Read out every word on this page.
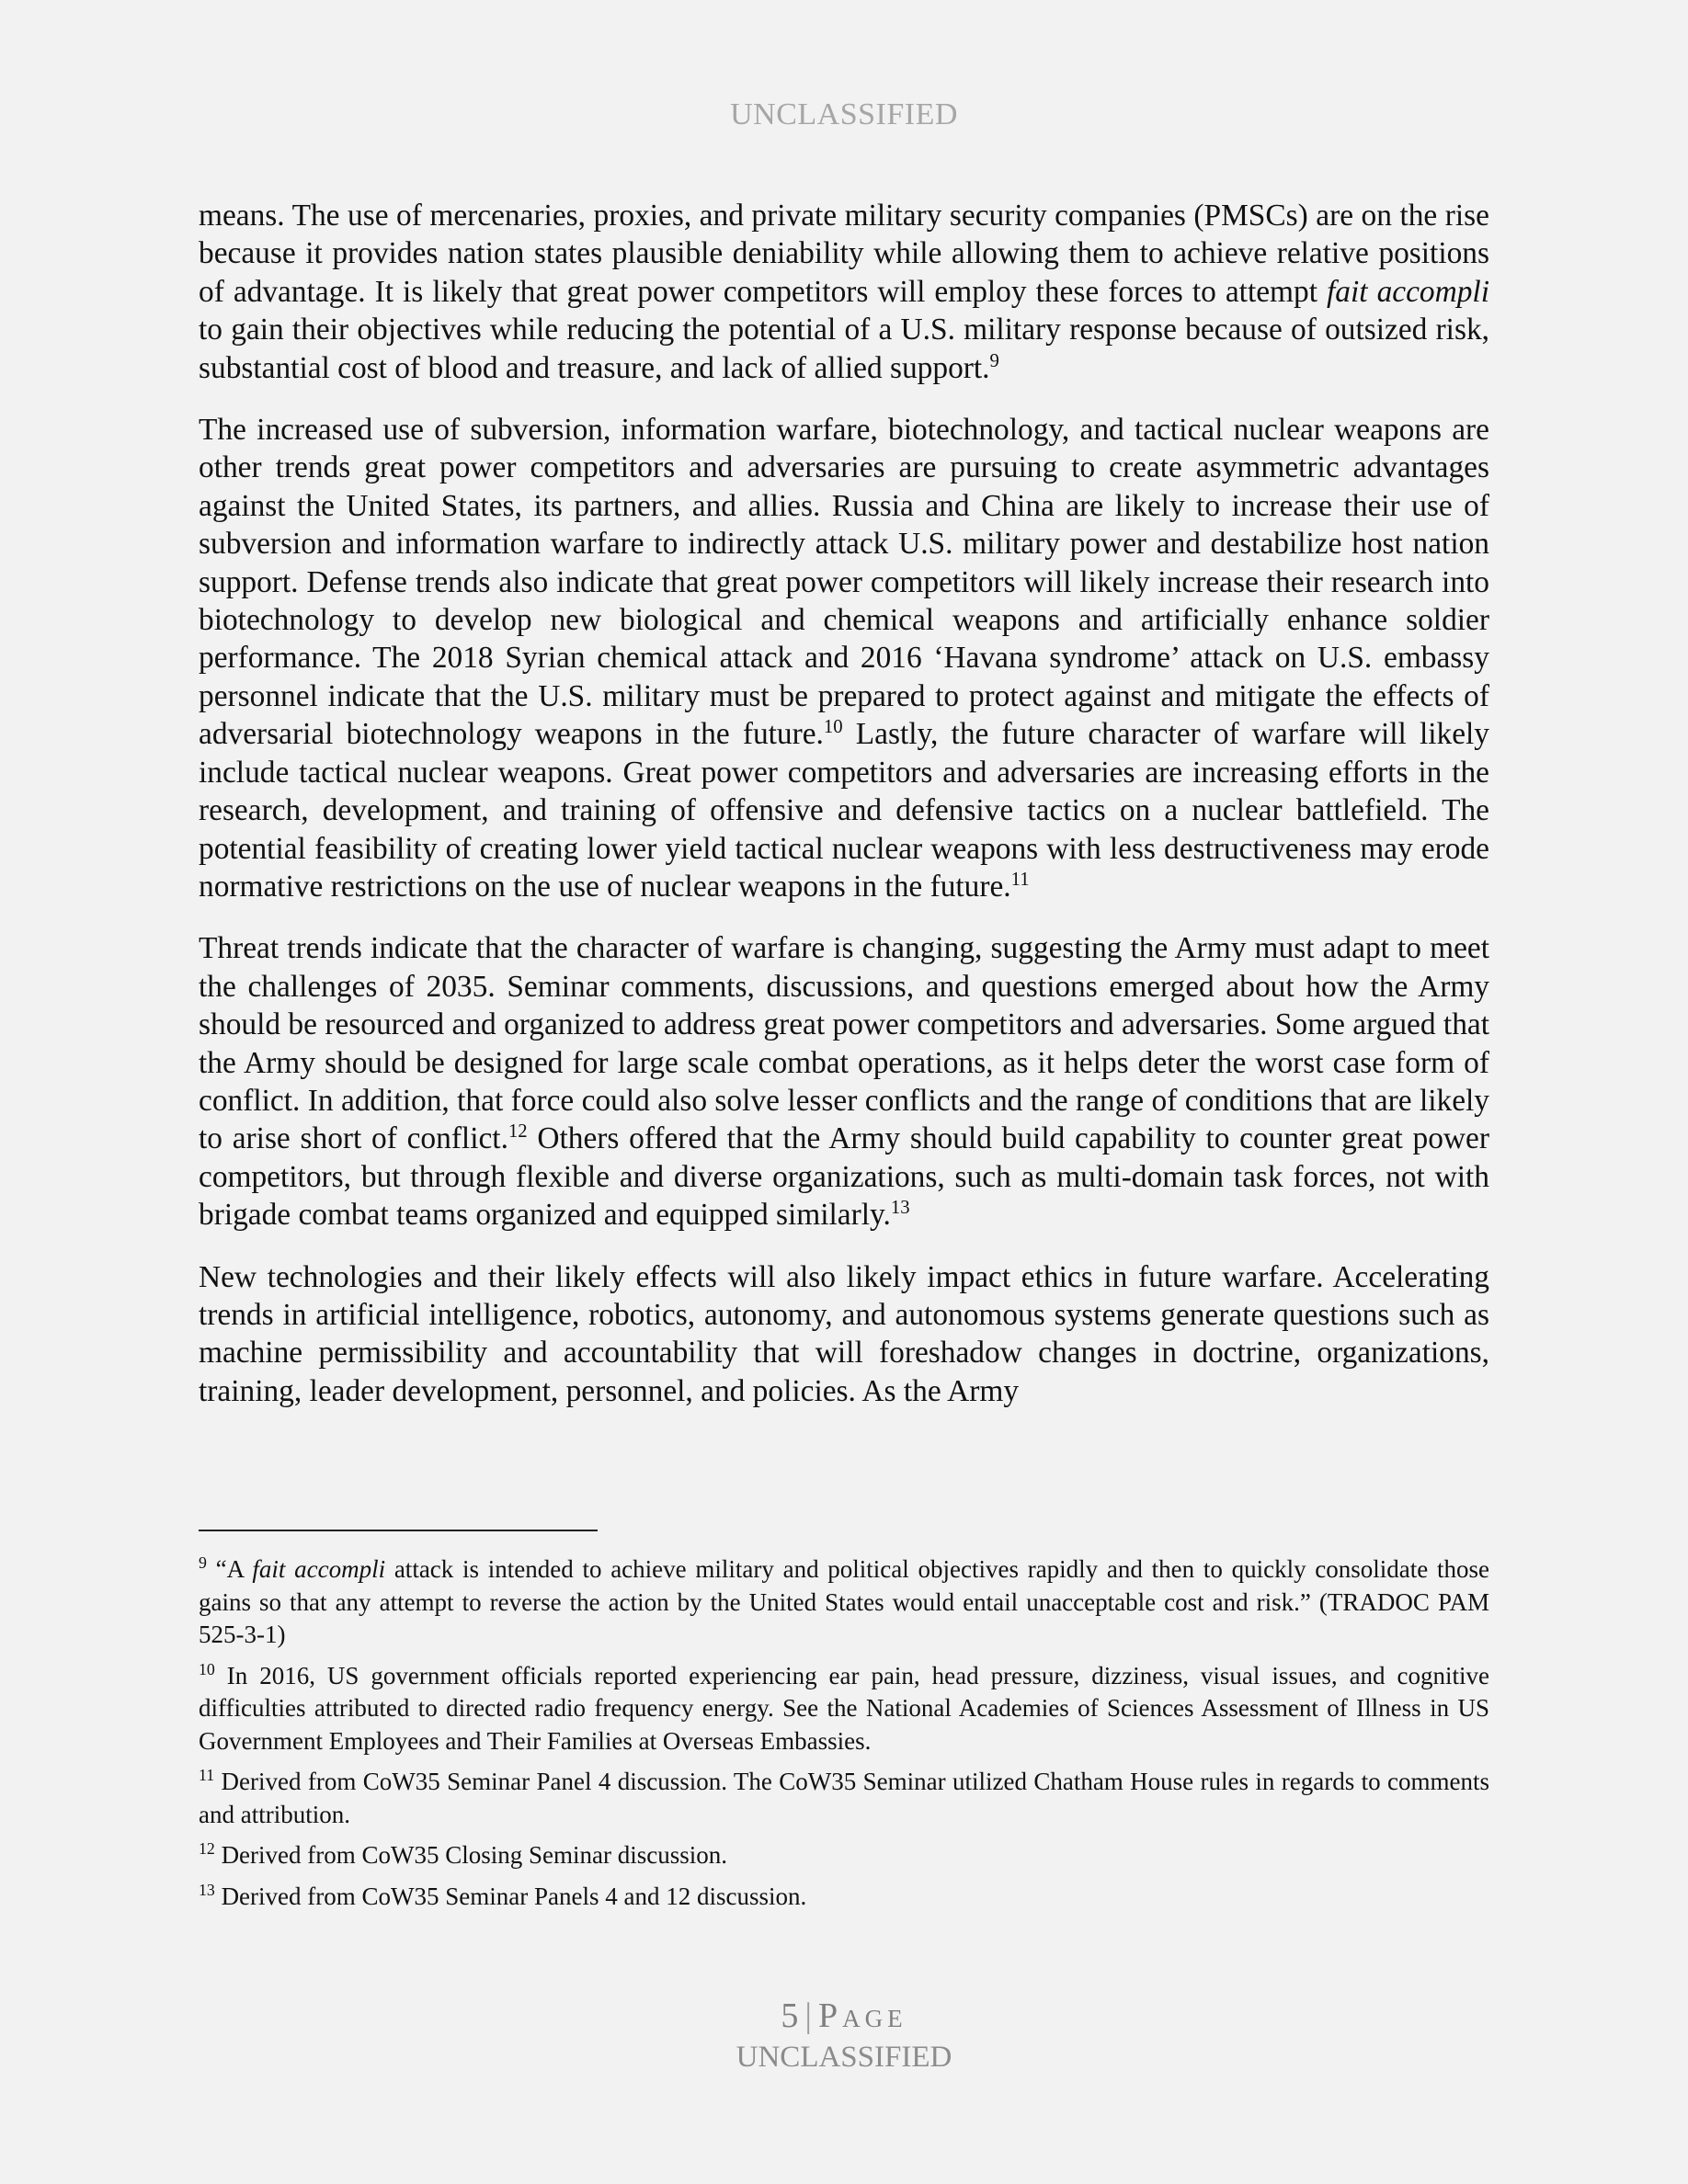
UNCLASSIFIED

means. The use of mercenaries, proxies, and private military security companies (PMSCs) are on the rise because it provides nation states plausible deniability while allowing them to achieve relative positions of advantage. It is likely that great power competitors will employ these forces to attempt fait accompli to gain their objectives while reducing the potential of a U.S. military response because of outsized risk, substantial cost of blood and treasure, and lack of allied support.$^9$

The increased use of subversion, information warfare, biotechnology, and tactical nuclear weapons are other trends great power competitors and adversaries are pursuing to create asymmetric advantages against the United States, its partners, and allies. Russia and China are likely to increase their use of subversion and information warfare to indirectly attack U.S. military power and destabilize host nation support. Defense trends also indicate that great power competitors will likely increase their research into biotechnology to develop new biological and chemical weapons and artificially enhance soldier performance. The 2018 Syrian chemical attack and 2016 ‘Havana syndrome’ attack on U.S. embassy personnel indicate that the U.S. military must be prepared to protect against and mitigate the effects of adversarial biotechnology weapons in the future.$^{10}$ Lastly, the future character of warfare will likely include tactical nuclear weapons. Great power competitors and adversaries are increasing efforts in the research, development, and training of offensive and defensive tactics on a nuclear battlefield. The potential feasibility of creating lower yield tactical nuclear weapons with less destructiveness may erode normative restrictions on the use of nuclear weapons in the future.$^{11}$

Threat trends indicate that the character of warfare is changing, suggesting the Army must adapt to meet the challenges of 2035. Seminar comments, discussions, and questions emerged about how the Army should be resourced and organized to address great power competitors and adversaries. Some argued that the Army should be designed for large scale combat operations, as it helps deter the worst case form of conflict. In addition, that force could also solve lesser conflicts and the range of conditions that are likely to arise short of conflict.$^{12}$ Others offered that the Army should build capability to counter great power competitors, but through flexible and diverse organizations, such as multi-domain task forces, not with brigade combat teams organized and equipped similarly.$^{13}$

New technologies and their likely effects will also likely impact ethics in future warfare. Accelerating trends in artificial intelligence, robotics, autonomy, and autonomous systems generate questions such as machine permissibility and accountability that will foreshadow changes in doctrine, organizations, training, leader development, personnel, and policies. As the Army

$^9$ “A fait accompli attack is intended to achieve military and political objectives rapidly and then to quickly consolidate those gains so that any attempt to reverse the action by the United States would entail unacceptable cost and risk.” (TRADOC PAM 525-3-1)

$^{10}$ In 2016, US government officials reported experiencing ear pain, head pressure, dizziness, visual issues, and cognitive difficulties attributed to directed radio frequency energy. See the National Academies of Sciences Assessment of Illness in US Government Employees and Their Families at Overseas Embassies.

$^{11}$ Derived from CoW35 Seminar Panel 4 discussion. The CoW35 Seminar utilized Chatham House rules in regards to comments and attribution.

$^{12}$ Derived from CoW35 Closing Seminar discussion.

$^{13}$ Derived from CoW35 Seminar Panels 4 and 12 discussion.

5 | Page
UNCLASSIFIED
